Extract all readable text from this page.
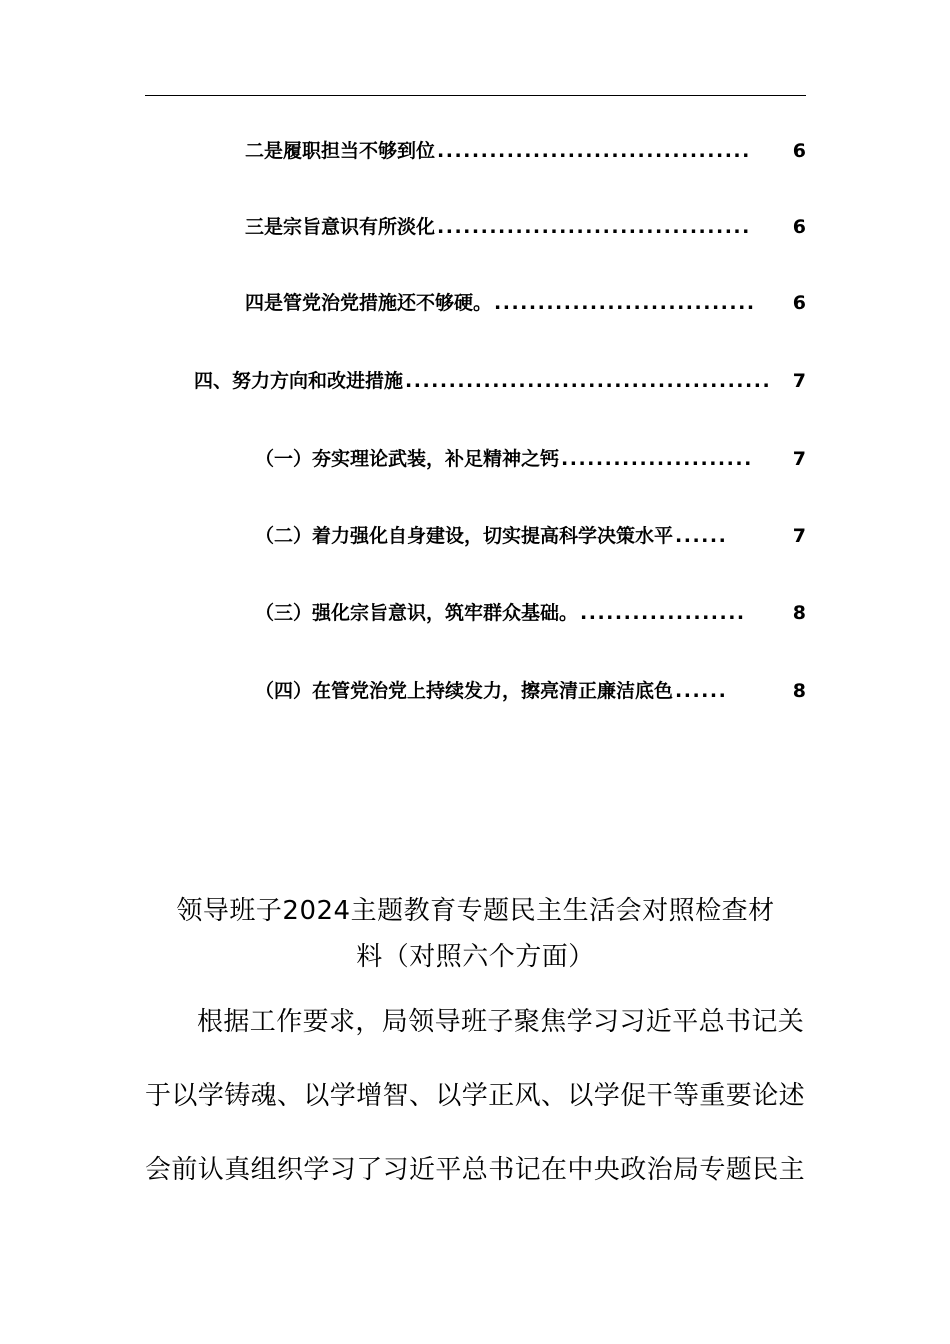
二是履职担当不够到位 ....................................	6
三是宗旨意识有所淡化 ....................................	6
四是管党治党措施还不够硬。 ..............................	6
四、努力方向和改进措施 ..........................................	7
（一）夯实理论武装，补足精神之钙 ......................	7
（二）着力强化自身建设，切实提高科学决策水平 ......	7
（三）强化宗旨意识，筑牢群众基础。 ...................	8
（四）在管党治党上持续发力，擦亮清正廉洁底色 ......	8
领导班子2024主题教育专题民主生活会对照检查材
料（对照六个方面）
根据工作要求，局领导班子聚焦学习习近平总书记关
于以学铸魂、以学增智、以学正风、以学促干等重要论述
会前认真组织学习了习近平总书记在中央政治局专题民主
